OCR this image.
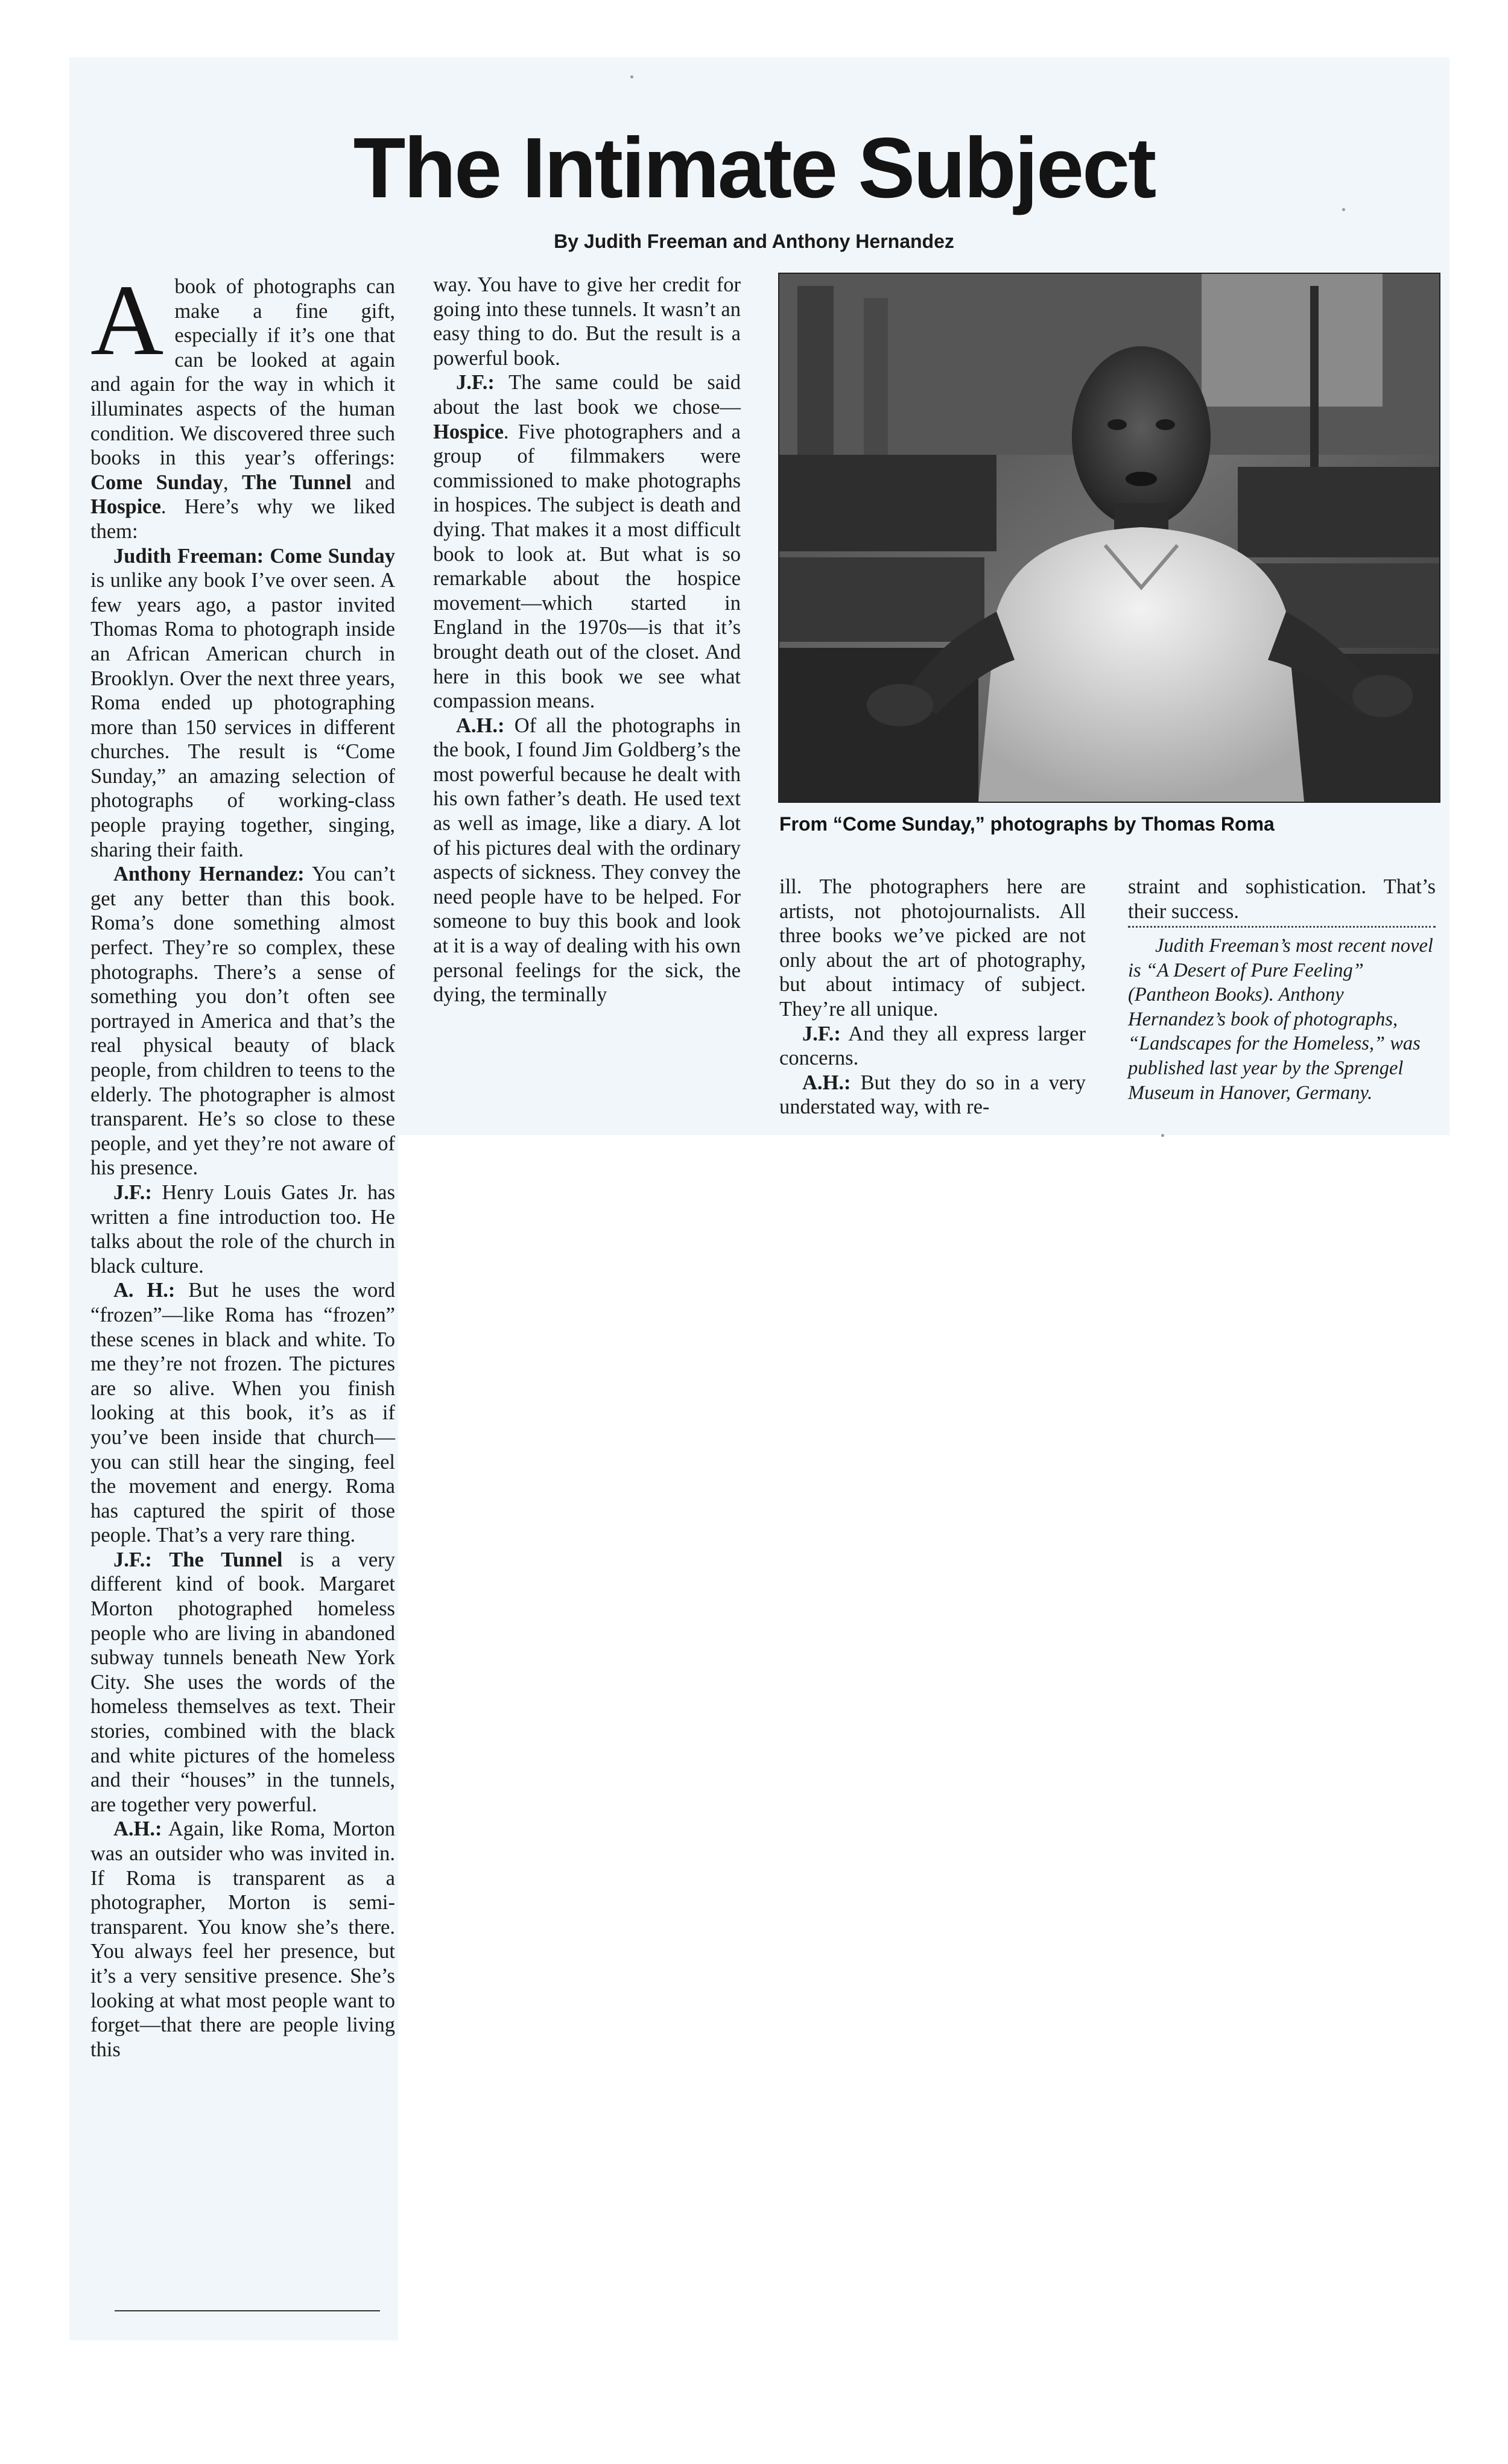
The Intimate Subject
By Judith Freeman and Anthony Hernandez

Abook of photographs can make a fine gift, especially if it’s one that can be looked at again and again for the way in which it illuminates aspects of the human condition. We discovered three such books in this year’s offerings: Come Sunday, The Tunnel and Hospice. Here’s why we liked them:

Judith Freeman: Come Sunday is unlike any book I’ve over seen. A few years ago, a pastor invited Thomas Roma to photograph inside an African American church in Brooklyn. Over the next three years, Roma ended up photographing more than 150 services in different churches. The result is “Come Sunday,” an amazing selection of photographs of working-class people praying together, singing, sharing their faith.

Anthony Hernandez: You can’t get any better than this book. Roma’s done something almost perfect. They’re so complex, these photographs. There’s a sense of something you don’t often see portrayed in America and that’s the real physical beauty of black people, from children to teens to the elderly. The photographer is almost transparent. He’s so close to these people, and yet they’re not aware of his presence.

J.F.: Henry Louis Gates Jr. has written a fine introduction too. He talks about the role of the church in black culture.

A. H.: But he uses the word “frozen”—like Roma has “frozen” these scenes in black and white. To me they’re not frozen. The pictures are so alive. When you finish looking at this book, it’s as if you’ve been inside that church—you can still hear the singing, feel the movement and energy. Roma has captured the spirit of those people. That’s a very rare thing.

J.F.: The Tunnel is a very different kind of book. Margaret Morton photographed homeless people who are living in abandoned subway tunnels beneath New York City. She uses the words of the homeless themselves as text. Their stories, combined with the black and white pictures of the homeless and their “houses” in the tunnels, are together very powerful.

A.H.: Again, like Roma, Morton was an outsider who was invited in. If Roma is transparent as a photographer, Morton is semi-transparent. You know she’s there. You always feel her presence, but it’s a very sensitive presence. She’s looking at what most people want to forget—that there are people living this

way. You have to give her credit for going into these tunnels. It wasn’t an easy thing to do. But the result is a powerful book.

J.F.: The same could be said about the last book we chose—Hospice. Five photographers and a group of filmmakers were commissioned to make photographs in hospices. The subject is death and dying. That makes it a most difficult book to look at. But what is so remarkable about the hospice movement—which started in England in the 1970s—is that it’s brought death out of the closet. And here in this book we see what compassion means.

A.H.: Of all the photographs in the book, I found Jim Goldberg’s the most powerful because he dealt with his own father’s death. He used text as well as image, like a diary. A lot of his pictures deal with the ordinary aspects of sickness. They convey the need people have to be helped. For someone to buy this book and look at it is a way of dealing with his own personal feelings for the sick, the dying, the terminally

From “Come Sunday,” photographs by Thomas Roma

ill. The photographers here are artists, not photojournalists. All three books we’ve picked are not only about the art of photography, but about intimacy of subject. They’re all unique.

J.F.: And they all express larger concerns.

A.H.: But they do so in a very understated way, with re-

straint and sophistication. That’s their success.

Judith Freeman’s most recent novel is “A Desert of Pure Feeling” (Pantheon Books). Anthony Hernandez’s book of photographs, “Landscapes for the Homeless,” was published last year by the Sprengel Museum in Hanover, Germany.
